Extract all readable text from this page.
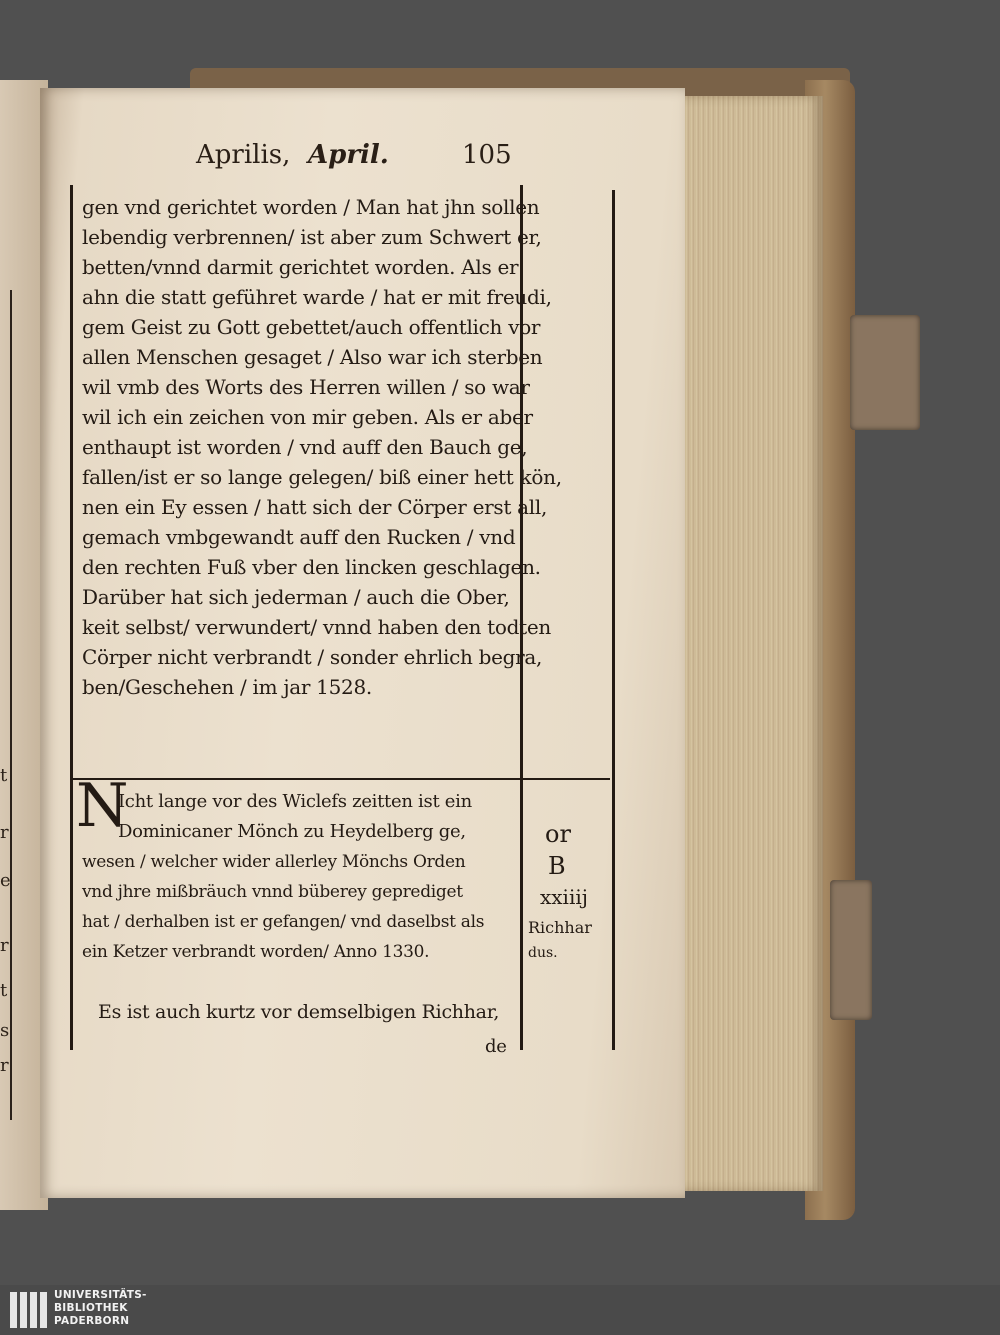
t
r
e
r
t
s
r
Aprilis, April.	105
gen vnd gerichtet worden / Man hat jhn sollen
lebendig verbrennen/ ist aber zum Schwert er,
betten/vnnd darmit gerichtet worden. Als er
ahn die statt geführet warde / hat er mit freudi,
gem Geist zu Gott gebettet/auch offentlich vor
allen Menschen gesaget / Also war ich sterben
wil vmb des Worts des Herren willen / so war
wil ich ein zeichen von mir geben. Als er aber
enthaupt ist worden / vnd auff den Bauch ge,
fallen/ist er so lange gelegen/ biß einer hett kön,
nen ein Ey essen / hatt sich der Cörper erst all,
gemach vmbgewandt auff den Rucken / vnd
den rechten Fuß vber den lincken geschlagen.
Darüber hat sich jederman / auch die Ober,
keit selbst/ verwundert/ vnnd haben den todten
Cörper nicht verbrandt / sonder ehrlich begra,
ben/Geschehen / im jar 1528.
N
Icht lange vor des Wiclefs zeitten ist ein
Dominicaner Mönch zu Heydelberg ge,
wesen / welcher wider allerley Mönchs Orden
vnd jhre mißbräuch vnnd büberey geprediget
hat / derhalben ist er gefangen/ vnd daselbst als
ein Ketzer verbrandt worden/ Anno 1330.
Es ist auch kurtz vor demselbigen Richhar,
de
or
B
xxiiij
Richhar
dus.
UNIVERSITÄTS-
BIBLIOTHEK
PADERBORN
